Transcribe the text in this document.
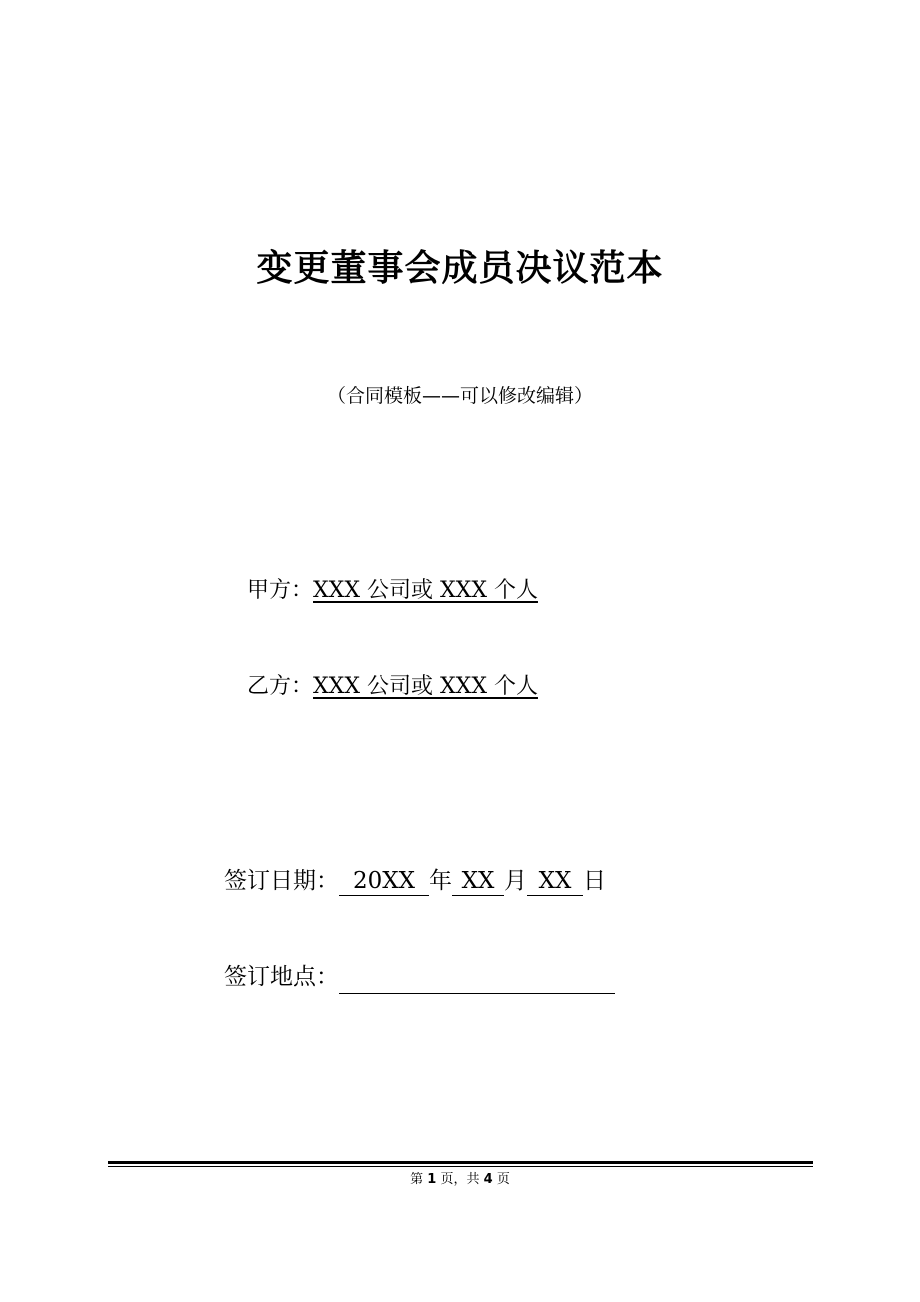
变更董事会成员决议范本
（合同模板——可以修改编辑）
甲方：XXX 公司或 XXX 个人
乙方：XXX 公司或 XXX 个人
签订日期： 20XX 年 XX 月 XX 日
签订地点：
第 1 页，共 4 页
